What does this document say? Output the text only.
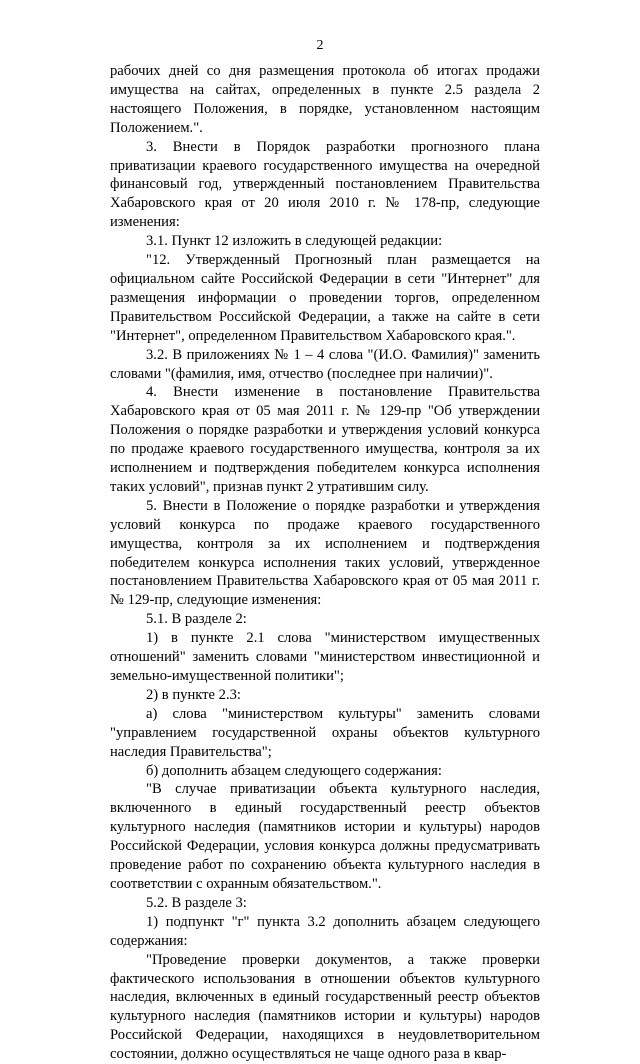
2

рабочих дней со дня размещения протокола об итогах продажи имущества на сайтах, определенных в пункте 2.5 раздела 2 настоящего Положения, в порядке, установленном настоящим Положением.".

3. Внести в Порядок разработки прогнозного плана приватизации краевого государственного имущества на очередной финансовый год, утвержденный постановлением Правительства Хабаровского края от 20 июля 2010 г. № 178-пр, следующие изменения:

3.1. Пункт 12 изложить в следующей редакции:

"12. Утвержденный Прогнозный план размещается на официальном сайте Российской Федерации в сети "Интернет" для размещения информации о проведении торгов, определенном Правительством Российской Федерации, а также на сайте в сети "Интернет", определенном Правительством Хабаровского края.".

3.2. В приложениях № 1 – 4 слова "(И.О. Фамилия)" заменить словами "(фамилия, имя, отчество (последнее при наличии)".

4. Внести изменение в постановление Правительства Хабаровского края от 05 мая 2011 г. № 129-пр "Об утверждении Положения о порядке разработки и утверждения условий конкурса по продаже краевого государственного имущества, контроля за их исполнением и подтверждения победителем конкурса исполнения таких условий", признав пункт 2 утратившим силу.

5. Внести в Положение о порядке разработки и утверждения условий конкурса по продаже краевого государственного имущества, контроля за их исполнением и подтверждения победителем конкурса исполнения таких условий, утвержденное постановлением Правительства Хабаровского края от 05 мая 2011 г. № 129-пр, следующие изменения:

5.1. В разделе 2:

1) в пункте 2.1 слова "министерством имущественных отношений" заменить словами "министерством инвестиционной и земельно-имущественной политики";

2) в пункте 2.3:

а) слова "министерством культуры" заменить словами "управлением государственной охраны объектов культурного наследия Правительства";

б) дополнить абзацем следующего содержания:

"В случае приватизации объекта культурного наследия, включенного в единый государственный реестр объектов культурного наследия (памятников истории и культуры) народов Российской Федерации, условия конкурса должны предусматривать проведение работ по сохранению объекта культурного наследия в соответствии с охранным обязательством.".

5.2. В разделе 3:

1) подпункт "г" пункта 3.2 дополнить абзацем следующего содержания:

"Проведение проверки документов, а также проверки фактического использования в отношении объектов культурного наследия, включенных в единый государственный реестр объектов культурного наследия (памятников истории и культуры) народов Российской Федерации, находящихся в неудовлетворительном состоянии, должно осуществляться не чаще одного раза в квар-
